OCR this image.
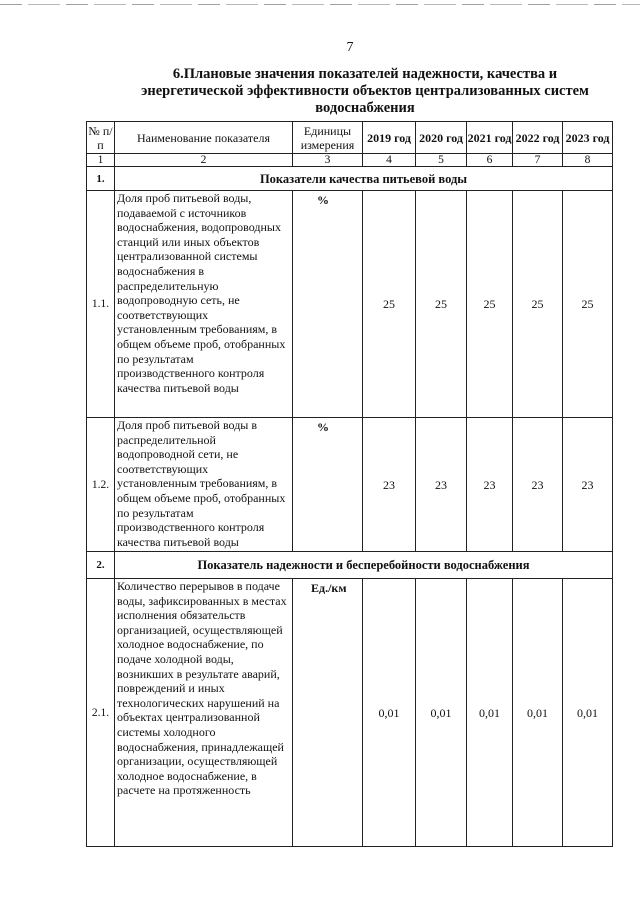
7
6.Плановые значения показателей надежности, качества и энергетической эффективности объектов централизованных систем водоснабжения
№ п/п	Наименование показателя	Единицы измерения	2019 год	2020 год	2021 год	2022 год	2023 год
1	2	3	4	5	6	7	8
1.	Показатели качества питьевой воды						
1.1.	Доля проб питьевой воды, подаваемой с источников водоснабжения, водопроводных станций или иных объектов централизованной системы водоснабжения в распределительную водопроводную сеть, не соответствующих установленным требованиям, в общем объеме проб, отобранных по результатам производственного контроля качества питьевой воды	%	25	25	25	25	25
1.2.	Доля проб питьевой воды в распределительной водопроводной сети, не соответствующих установленным требованиям, в общем объеме проб, отобранных по результатам производственного контроля качества питьевой воды	%	23	23	23	23	23
2.	Показатель надежности и бесперебойности водоснабжения						
2.1.	Количество перерывов в подаче воды, зафиксированных в местах исполнения обязательств организацией, осуществляющей холодное водоснабжение, по подаче холодной воды, возникших в результате аварий, повреждений и иных технологических нарушений на объектах централизованной системы холодного водоснабжения, принадлежащей организации, осуществляющей холодное водоснабжение, в расчете на протяженность	Ед./км	0,01	0,01	0,01	0,01	0,01
